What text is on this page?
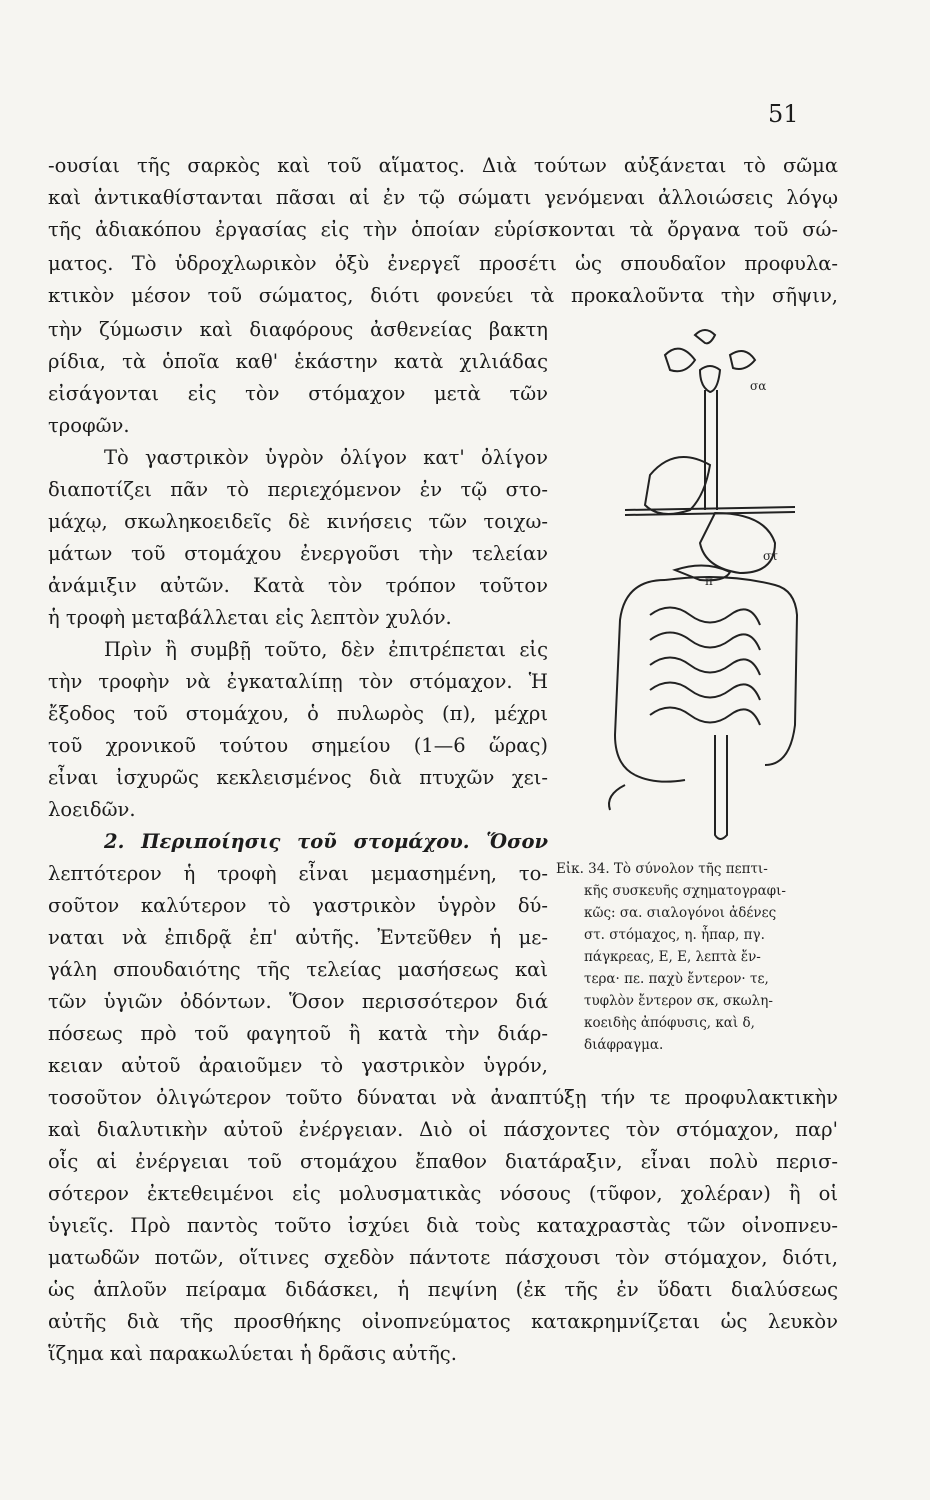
51
-ουσίαι τῆς σαρκὸς καὶ τοῦ αἵματος. Διὰ τούτων αὐξάνεται τὸ σῶμα
καὶ ἀντικαθίστανται πᾶσαι αἱ ἐν τῷ σώματι γενόμεναι ἀλλοιώσεις λόγῳ
τῆς ἀδιακόπου ἐργασίας εἰς τὴν ὁποίαν εὑρίσκονται τὰ ὄργανα τοῦ σώ-
ματος. Τὸ ὑδροχλωρικὸν ὀξὺ ἐνεργεῖ προσέτι ὡς σπουδαῖον προφυλα-
κτικὸν μέσον τοῦ σώματος, διότι φονεύει τὰ προκαλοῦντα τὴν σῆψιν,
τὴν ζύμωσιν καὶ διαφόρους ἀσθενείας βακτη
ρίδια, τὰ ὁποῖα καθ' ἑκάστην κατὰ χιλιάδας
εἰσάγονται εἰς τὸν στόμαχον μετὰ τῶν
τροφῶν.
Τὸ γαστρικὸν ὑγρὸν ὀλίγον κατ' ὀλίγον
διαποτίζει πᾶν τὸ περιεχόμενον ἐν τῷ στο-
μάχῳ, σκωληκοειδεῖς δὲ κινήσεις τῶν τοιχω-
μάτων τοῦ στομάχου ἐνεργοῦσι τὴν τελείαν
ἀνάμιξιν αὐτῶν. Κατὰ τὸν τρόπον τοῦτον
ἡ τροφὴ μεταβάλλεται εἰς λεπτὸν χυλόν.
Πρὶν ἢ συμβῇ τοῦτο, δὲν ἐπιτρέπεται εἰς
τὴν τροφὴν νὰ ἐγκαταλίπῃ τὸν στόμαχον. Ἡ
ἔξοδος τοῦ στομάχου, ὁ πυλωρὸς (π), μέχρι
τοῦ χρονικοῦ τούτου σημείου (1—6 ὥρας)
εἶναι ἰσχυρῶς κεκλεισμένος διὰ πτυχῶν χει-
λοειδῶν.
2. Περιποίησις τοῦ στομάχου. Ὅσον
λεπτότερον ἡ τροφὴ εἶναι μεμασημένη, το-
σοῦτον καλύτερον τὸ γαστρικὸν ὑγρὸν δύ-
ναται νὰ ἐπιδρᾷ ἐπ' αὐτῆς. Ἐντεῦθεν ἡ με-
γάλη σπουδαιότης τῆς τελείας μασήσεως καὶ
τῶν ὑγιῶν ὀδόντων. Ὅσον περισσότερον διά
πόσεως πρὸ τοῦ φαγητοῦ ἢ κατὰ τὴν διάρ-
κειαν αὐτοῦ ἀραιοῦμεν τὸ γαστρικὸν ὑγρόν,
τοσοῦτον ὀλιγώτερον τοῦτο δύναται νὰ ἀναπτύξῃ τήν τε προφυλακτικὴν
καὶ διαλυτικὴν αὐτοῦ ἐνέργειαν. Διὸ οἱ πάσχοντες τὸν στόμαχον, παρ'
οἷς αἱ ἐνέργειαι τοῦ στομάχου ἔπαθον διατάραξιν, εἶναι πολὺ περισ-
σότερον ἐκτεθειμένοι εἰς μολυσματικὰς νόσους (τῦφον, χολέραν) ἢ οἱ
ὑγιεῖς. Πρὸ παντὸς τοῦτο ἰσχύει διὰ τοὺς καταχραστὰς τῶν οἰνοπνευ-
ματωδῶν ποτῶν, οἵτινες σχεδὸν πάντοτε πάσχουσι τὸν στόμαχον, διότι,
ὡς ἁπλοῦν πείραμα διδάσκει, ἡ πεψίνη (ἐκ τῆς ἐν ὕδατι διαλύσεως
αὐτῆς διὰ τῆς προσθήκης οἰνοπνεύματος κατακρημνίζεται ὡς λευκὸν
ἵζημα καὶ παρακωλύεται ἡ δρᾶσις αὐτῆς.
σα
στ
π
Εἰκ. 34. Τὸ σύνολον τῆς πεπτι-
κῆς συσκευῆς σχηματογραφι-
κῶς: σα. σιαλογόνοι ἀδένες
στ. στόμαχος, η. ἧπαρ, πγ.
πάγκρεας, Ε, Ε, λεπτὰ ἔν-
τερα· πε. παχὺ ἔντερον· τε,
τυφλὸν ἔντερον σκ, σκωλη-
κοειδὴς ἀπόφυσις, καὶ δ,
διάφραγμα.
